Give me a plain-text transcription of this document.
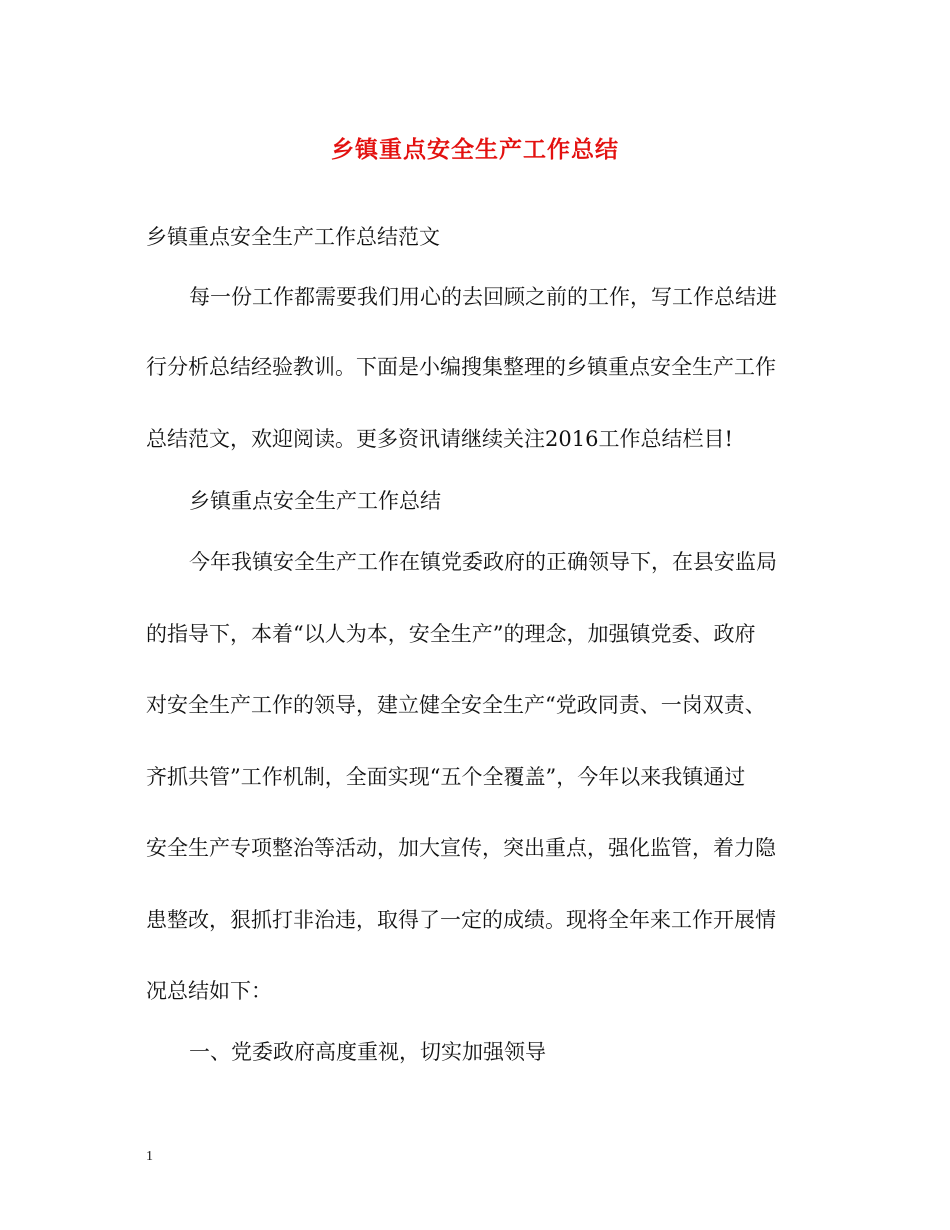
乡镇重点安全生产工作总结
乡镇重点安全生产工作总结范文
每一份工作都需要我们用心的去回顾之前的工作，写工作总结进
行分析总结经验教训。下面是小编搜集整理的乡镇重点安全生产工作
总结范文，欢迎阅读。更多资讯请继续关注2016工作总结栏目!
乡镇重点安全生产工作总结
今年我镇安全生产工作在镇党委政府的正确领导下，在县安监局
的指导下，本着“以人为本，安全生产”的理念，加强镇党委、政府
对安全生产工作的领导，建立健全安全生产“党政同责、一岗双责、
齐抓共管”工作机制，全面实现“五个全覆盖”，今年以来我镇通过
安全生产专项整治等活动，加大宣传，突出重点，强化监管，着力隐
患整改，狠抓打非治违，取得了一定的成绩。现将全年来工作开展情
况总结如下：
一、党委政府高度重视，切实加强领导
1
